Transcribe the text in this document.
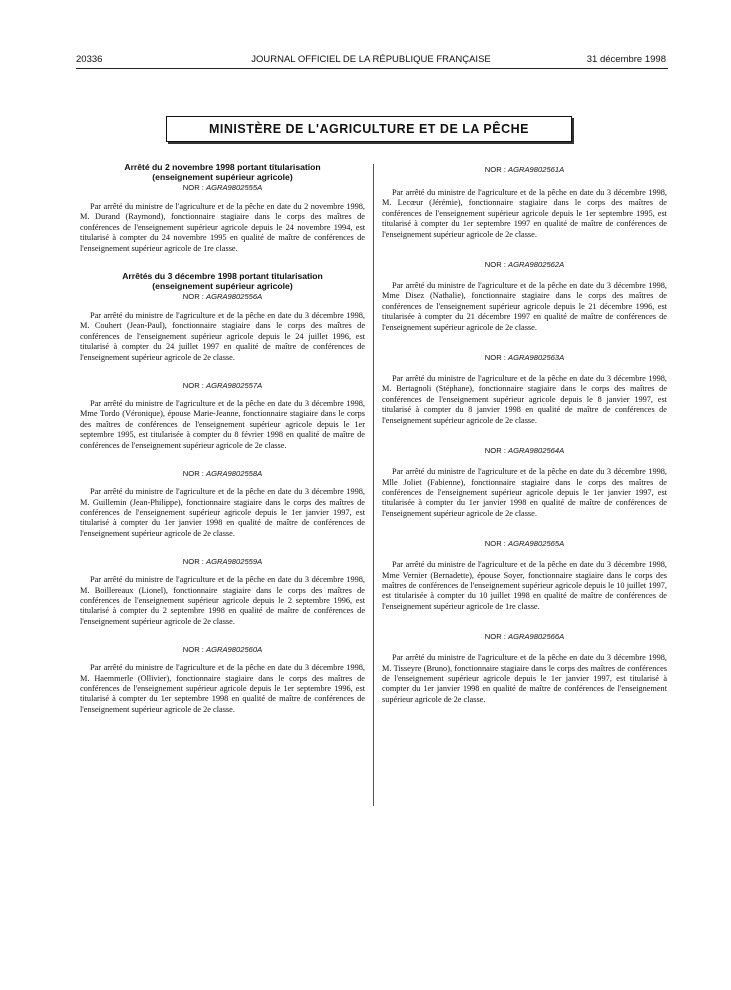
20336	JOURNAL OFFICIEL DE LA RÉPUBLIQUE FRANÇAISE	31 décembre 1998
MINISTÈRE DE L'AGRICULTURE ET DE LA PÊCHE

Arrêté du 2 novembre 1998 portant titularisation

(enseignement supérieur agricole)

NOR : AGRA9802555A

Par arrêté du ministre de l'agriculture et de la pêche en date du 2 novembre 1998, M. Durand (Raymond), fonctionnaire stagiaire dans le corps des maîtres de conférences de l'enseignement supérieur agricole depuis le 24 novembre 1994, est titularisé à compter du 24 novembre 1995 en qualité de maître de conférences de l'enseignement supérieur agricole de 1re classe.

Arrêtés du 3 décembre 1998 portant titularisation

(enseignement supérieur agricole)

NOR : AGRA9802556A

Par arrêté du ministre de l'agriculture et de la pêche en date du 3 décembre 1998, M. Couhert (Jean-Paul), fonctionnaire stagiaire dans le corps des maîtres de conférences de l'enseignement supérieur agricole depuis le 24 juillet 1996, est titularisé à compter du 24 juillet 1997 en qualité de maître de conférences de l'enseignement supérieur agricole de 2e classe.

NOR : AGRA9802557A

Par arrêté du ministre de l'agriculture et de la pêche en date du 3 décembre 1998, Mme Tordo (Véronique), épouse Marie-Jeanne, fonctionnaire stagiaire dans le corps des maîtres de conférences de l'enseignement supérieur agricole depuis le 1er septembre 1995, est titularisée à compter du 8 février 1998 en qualité de maître de conférences de l'enseignement supérieur agricole de 2e classe.

NOR : AGRA9802558A

Par arrêté du ministre de l'agriculture et de la pêche en date du 3 décembre 1998, M. Guillemin (Jean-Philippe), fonctionnaire stagiaire dans le corps des maîtres de conférences de l'enseignement supérieur agricole depuis le 1er janvier 1997, est titularisé à compter du 1er janvier 1998 en qualité de maître de conférences de l'enseignement supérieur agricole de 2e classe.

NOR : AGRA9802559A

Par arrêté du ministre de l'agriculture et de la pêche en date du 3 décembre 1998, M. Boillereaux (Lionel), fonctionnaire stagiaire dans le corps des maîtres de conférences de l'enseignement supérieur agricole depuis le 2 septembre 1996, est titularisé à compter du 2 septembre 1998 en qualité de maître de conférences de l'enseignement supérieur agricole de 2e classe.

NOR : AGRA9802560A

Par arrêté du ministre de l'agriculture et de la pêche en date du 3 décembre 1998, M. Haemmerle (Ollivier), fonctionnaire stagiaire dans le corps des maîtres de conférences de l'enseignement supérieur agricole depuis le 1er septembre 1996, est titularisé à compter du 1er septembre 1998 en qualité de maître de conférences de l'enseignement supérieur agricole de 2e classe.

NOR : AGRA9802561A

Par arrêté du ministre de l'agriculture et de la pêche en date du 3 décembre 1998, M. Lecœur (Jérémie), fonctionnaire stagiaire dans le corps des maîtres de conférences de l'enseignement supérieur agricole depuis le 1er septembre 1995, est titularisé à compter du 1er septembre 1997 en qualité de maître de conférences de l'enseignement supérieur agricole de 2e classe.

NOR : AGRA9802562A

Par arrêté du ministre de l'agriculture et de la pêche en date du 3 décembre 1998, Mme Disez (Nathalie), fonctionnaire stagiaire dans le corps des maîtres de conférences de l'enseignement supérieur agricole depuis le 21 décembre 1996, est titularisée à compter du 21 décembre 1997 en qualité de maître de conférences de l'enseignement supérieur agricole de 2e classe.

NOR : AGRA9802563A

Par arrêté du ministre de l'agriculture et de la pêche en date du 3 décembre 1998, M. Bertagnoli (Stéphane), fonctionnaire stagiaire dans le corps des maîtres de conférences de l'enseignement supérieur agricole depuis le 8 janvier 1997, est titularisé à compter du 8 janvier 1998 en qualité de maître de conférences de l'enseignement supérieur agricole de 2e classe.

NOR : AGRA9802564A

Par arrêté du ministre de l'agriculture et de la pêche en date du 3 décembre 1998, Mlle Joliet (Fabienne), fonctionnaire stagiaire dans le corps des maîtres de conférences de l'enseignement supérieur agricole depuis le 1er janvier 1997, est titularisée à compter du 1er janvier 1998 en qualité de maître de conférences de l'enseignement supérieur agricole de 2e classe.

NOR : AGRA9802565A

Par arrêté du ministre de l'agriculture et de la pêche en date du 3 décembre 1998, Mme Vernier (Bernadette), épouse Soyer, fonctionnaire stagiaire dans le corps des maîtres de conférences de l'enseignement supérieur agricole depuis le 10 juillet 1997, est titularisée à compter du 10 juillet 1998 en qualité de maître de conférences de l'enseignement supérieur agricole de 1re classe.

NOR : AGRA9802566A

Par arrêté du ministre de l'agriculture et de la pêche en date du 3 décembre 1998, M. Tisseyre (Bruno), fonctionnaire stagiaire dans le corps des maîtres de conférences de l'enseignement supérieur agricole depuis le 1er janvier 1997, est titularisé à compter du 1er janvier 1998 en qualité de maître de conférences de l'enseignement supérieur agricole de 2e classe.
